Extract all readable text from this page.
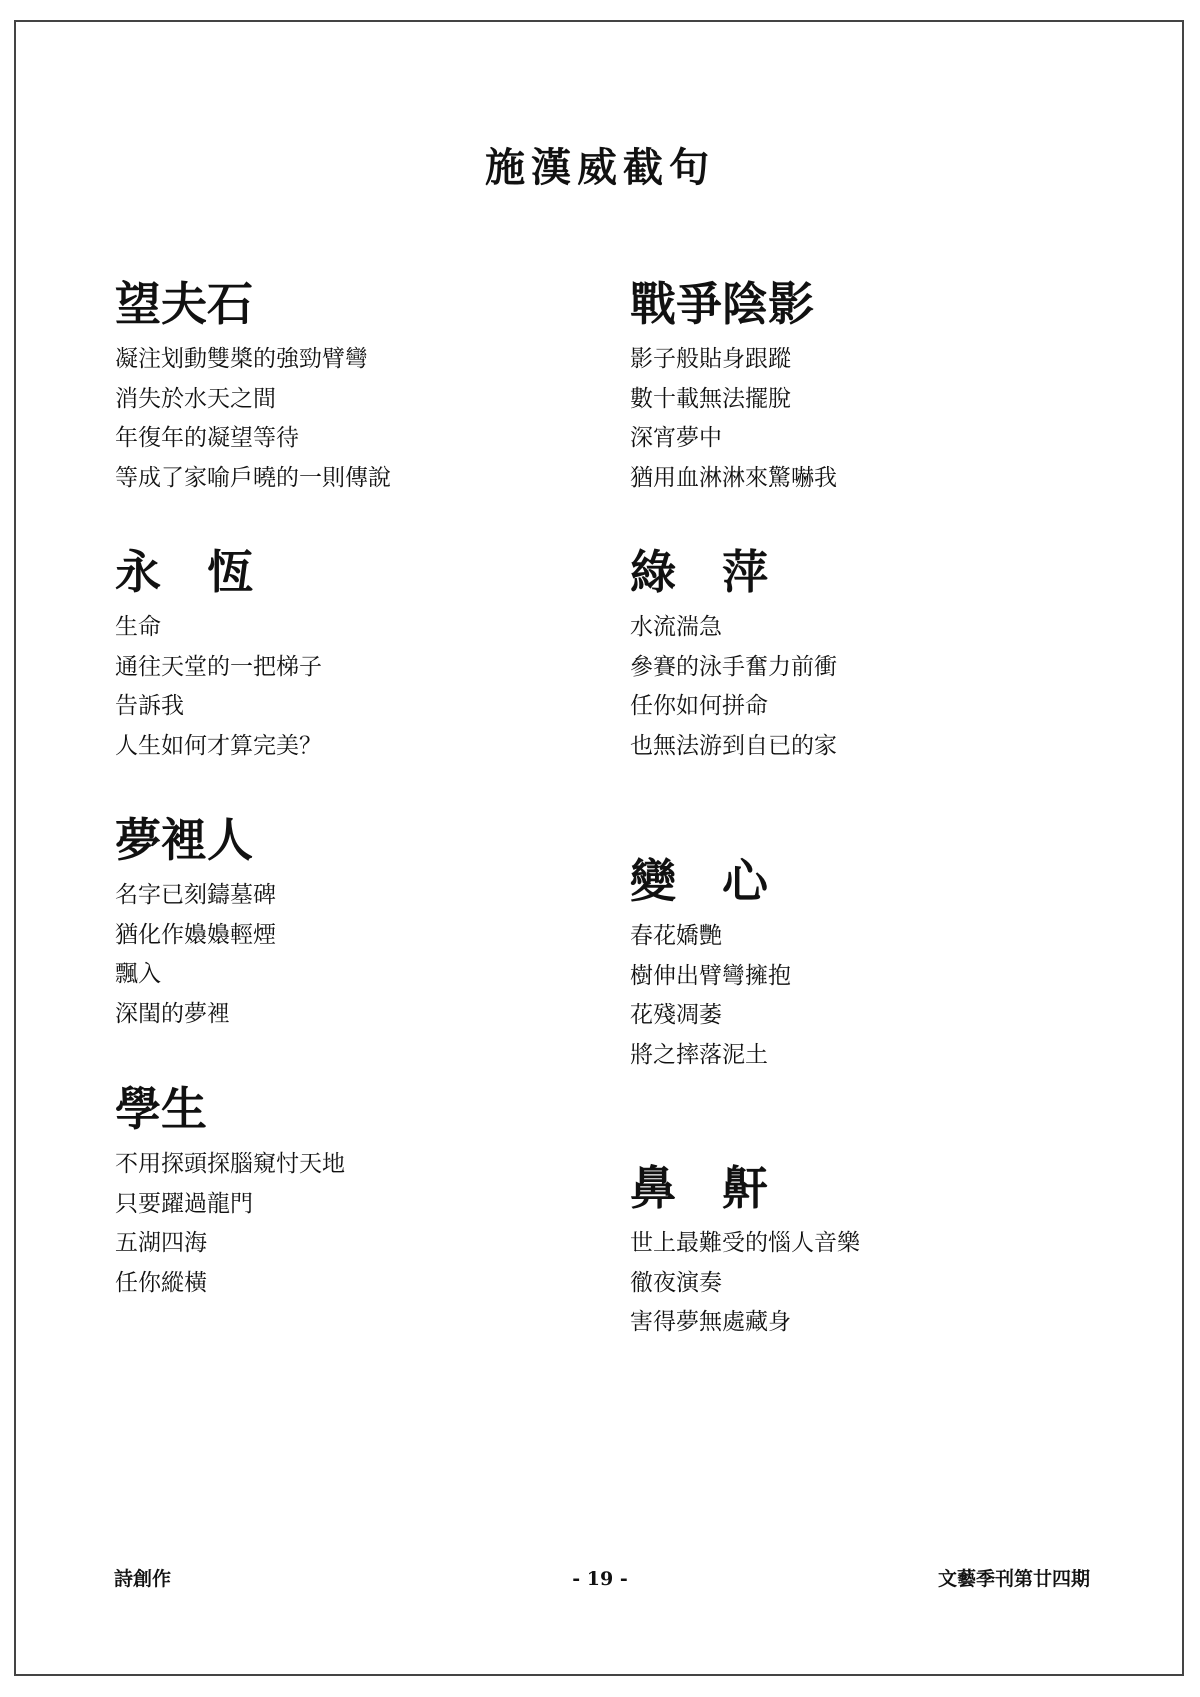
施漢威截句
望夫石
凝注划動雙槳的強勁臂彎
消失於水天之間
年復年的凝望等待
等成了家喻戶曉的一則傳說
永　恆
生命
通往天堂的一把梯子
告訴我
人生如何才算完美？
夢裡人
名字已刻鑄墓碑
猶化作嬝嬝輕煙
飄入
深閨的夢裡
學生
不用探頭探腦窺忖天地
只要躍過龍門
五湖四海
任你縱橫
戰爭陰影
影子般貼身跟蹤
數十載無法擺脫
深宵夢中
猶用血淋淋來驚嚇我
綠　萍
水流湍急
參賽的泳手奮力前衝
任你如何拼命
也無法游到自已的家
變　心
春花嬌艷
樹伸出臂彎擁抱
花殘凋萎
將之摔落泥土
鼻　鼾
世上最難受的惱人音樂
徹夜演奏
害得夢無處藏身
詩創作	- 19 -	文藝季刊第廿四期
